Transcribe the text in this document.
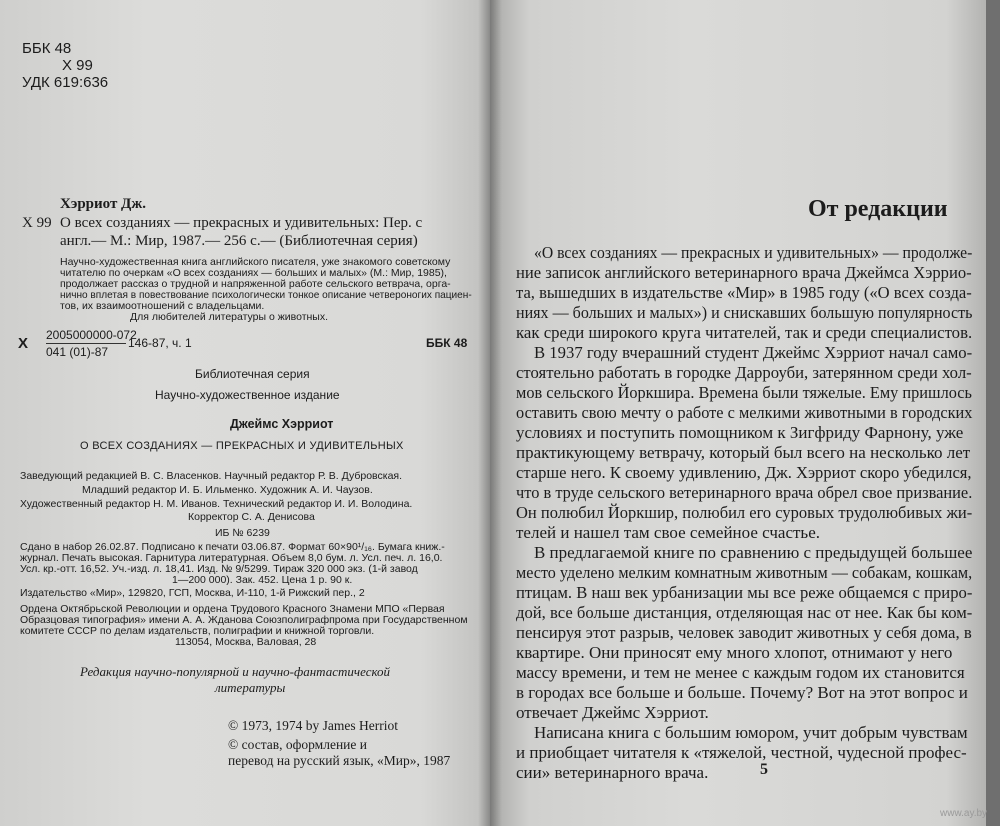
ББК 48
Х 99
УДК 619:636
Хэрриот Дж.
Х 99 О всех созданиях — прекрасных и удивительных: Пер. с
англ.— М.: Мир, 1987.— 256 с.— (Библиотечная серия)
Научно-художественная книга английского писателя, уже знакомого советскому
читателю по очеркам «О всех созданиях — больших и малых» (М.: Мир, 1985),
продолжает рассказ о трудной и напряженной работе сельского ветврача, орга-
нично вплетая в повествование психологически тонкое описание четвероногих пациен-
тов, их взаимоотношений с владельцами.
Для любителей литературы о животных.
Х 2005000000-072
041 (01)-87
146-87, ч. 1	ББК 48
Библиотечная серия
Научно-художественное издание
Джеймс Хэрриот
О ВСЕХ СОЗДАНИЯХ — ПРЕКРАСНЫХ И УДИВИТЕЛЬНЫХ
Заведующий редакцией В. С. Власенков. Научный редактор Р. В. Дубровская.
Младший редактор И. Б. Ильменко. Художник А. И. Чаузов.
Художественный редактор Н. М. Иванов. Технический редактор И. И. Володина.
Корректор С. А. Денисова
ИБ № 6239
Сдано в набор 26.02.87. Подписано к печати 03.06.87. Формат 60×90¹/₁₆. Бумага книж.-
журнал. Печать высокая. Гарнитура литературная. Объем 8,0 бум. л. Усл. печ. л. 16,0.
Усл. кр.-отт. 16,52. Уч.-изд. л. 18,41. Изд. № 9/5299. Тираж 320 000 экз. (1-й завод
1—200 000). Зак. 452. Цена 1 р. 90 к.
Издательство «Мир», 129820, ГСП, Москва, И-110, 1-й Рижский пер., 2
Ордена Октябрьской Революции и ордена Трудового Красного Знамени МПО «Первая
Образцовая типография» имени А. А. Жданова Союзполиграфпрома при Государственном
комитете СССР по делам издательств, полиграфии и книжной торговли.
113054, Москва, Валовая, 28
Редакция научно-популярной и научно-фантастической
литературы
© 1973, 1974 by James Herriot
© состав, оформление и
перевод на русский язык, «Мир», 1987
От редакции
5
«О всех созданиях — прекрасных и удивительных» — продолже-
ние записок английского ветеринарного врача Джеймса Хэррио-
та, вышедших в издательстве «Мир» в 1985 году («О всех созда-
ниях — больших и малых») и снискавших большую популярность
как среди широкого круга читателей, так и среди специалистов.
В 1937 году вчерашний студент Джеймс Хэрриот начал само-
стоятельно работать в городке Дарроуби, затерянном среди хол-
мов сельского Йоркшира. Времена были тяжелые. Ему пришлось
оставить свою мечту о работе с мелкими животными в городских
условиях и поступить помощником к Зигфриду Фарнону, уже
практикующему ветврачу, который был всего на несколько лет
старше него. К своему удивлению, Дж. Хэрриот скоро убедился,
что в труде сельского ветеринарного врача обрел свое призвание.
Он полюбил Йоркшир, полюбил его суровых трудолюбивых жи-
телей и нашел там свое семейное счастье.
В предлагаемой книге по сравнению с предыдущей большее
место уделено мелким комнатным животным — собакам, кошкам,
птицам. В наш век урбанизации мы все реже общаемся с приро-
дой, все больше дистанция, отделяющая нас от нее. Как бы ком-
пенсируя этот разрыв, человек заводит животных у себя дома, в
квартире. Они приносят ему много хлопот, отнимают у него
массу времени, и тем не менее с каждым годом их становится
в городах все больше и больше. Почему? Вот на этот вопрос и
отвечает Джеймс Хэрриот.
Написана книга с большим юмором, учит добрым чувствам
и приобщает читателя к «тяжелой, честной, чудесной профес-
сии» ветеринарного врача.
www.ay.by
